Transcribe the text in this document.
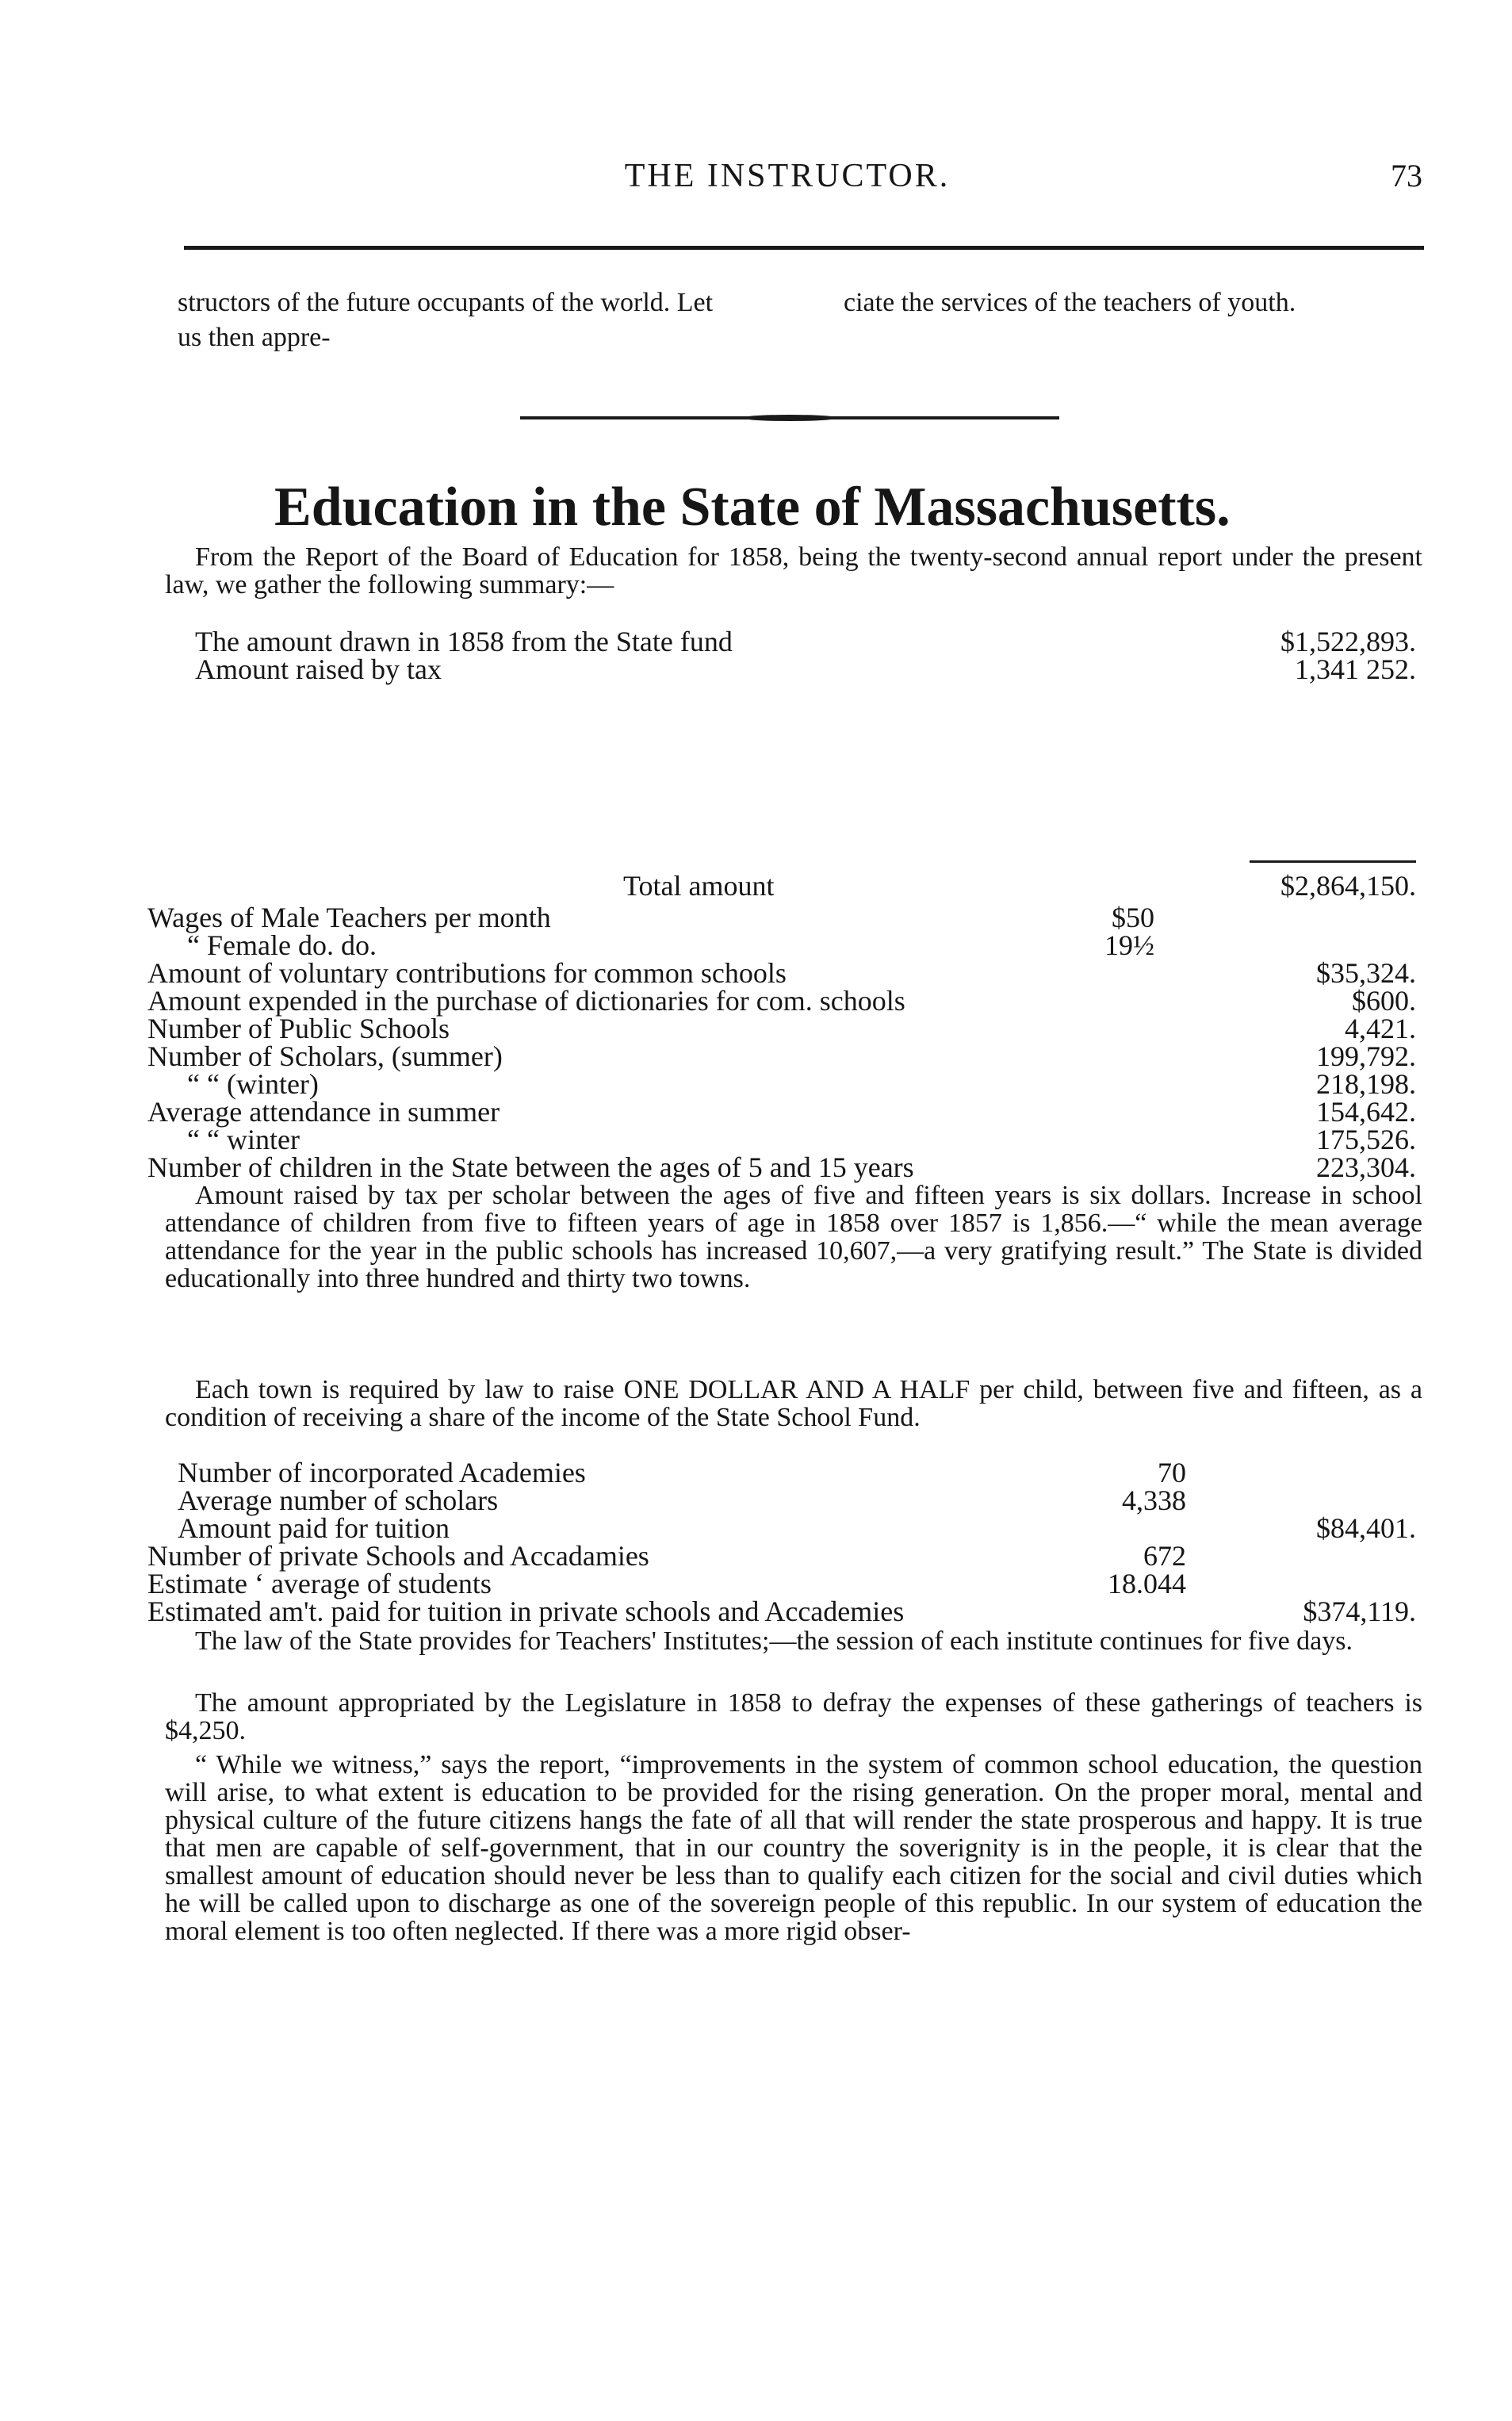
THE INSTRUCTOR.	73
structors of the future occupants of the world. Let us then appre-
ciate the services of the teachers of youth.
Education in the State of Massachusetts.
From the Report of the Board of Education for 1858, being the twenty-second annual report under the present law, we gather the following summary:—
The amount drawn in 1858 from the State fund	$1,522,893.
Amount raised by tax	1,341 252.
Total amount	$2,864,150.
Wages of Male Teachers per month	$50
“ Female do. do.	19½
Amount of voluntary contributions for common schools	$35,324.
Amount expended in the purchase of dictionaries for com. schools	$600.
Number of Public Schools	4,421.
Number of Scholars, (summer)	199,792.
“ “ (winter)	218,198.
Average attendance in summer	154,642.
“ “ winter	175,526.
Number of children in the State between the ages of 5 and 15 years	223,304.
Amount raised by tax per scholar between the ages of five and fifteen years is six dollars. Increase in school attendance of children from five to fifteen years of age in 1858 over 1857 is 1,856.—“ while the mean average attendance for the year in the public schools has increased 10,607,—a very gratifying result.” The State is divided educationally into three hundred and thirty two towns.
Each town is required by law to raise ONE DOLLAR AND A HALF per child, between five and fifteen, as a condition of receiving a share of the income of the State School Fund.
Number of incorporated Academies	70
Average number of scholars	4,338
Amount paid for tuition	$84,401.
Number of private Schools and Accadamies	672
Estimate ‘ average of students	18.044
Estimated am't. paid for tuition in private schools and Accademies	$374,119.
The law of the State provides for Teachers' Institutes;—the session of each institute continues for five days.
The amount appropriated by the Legislature in 1858 to defray the expenses of these gatherings of teachers is $4,250.
“ While we witness,” says the report, “improvements in the system of common school education, the question will arise, to what extent is education to be provided for the rising generation. On the proper moral, mental and physical culture of the future citizens hangs the fate of all that will render the state prosperous and happy. It is true that men are capable of self-government, that in our country the soverignity is in the people, it is clear that the smallest amount of education should never be less than to qualify each citizen for the social and civil duties which he will be called upon to discharge as one of the sovereign people of this republic. In our system of education the moral element is too often neglected. If there was a more rigid obser-
